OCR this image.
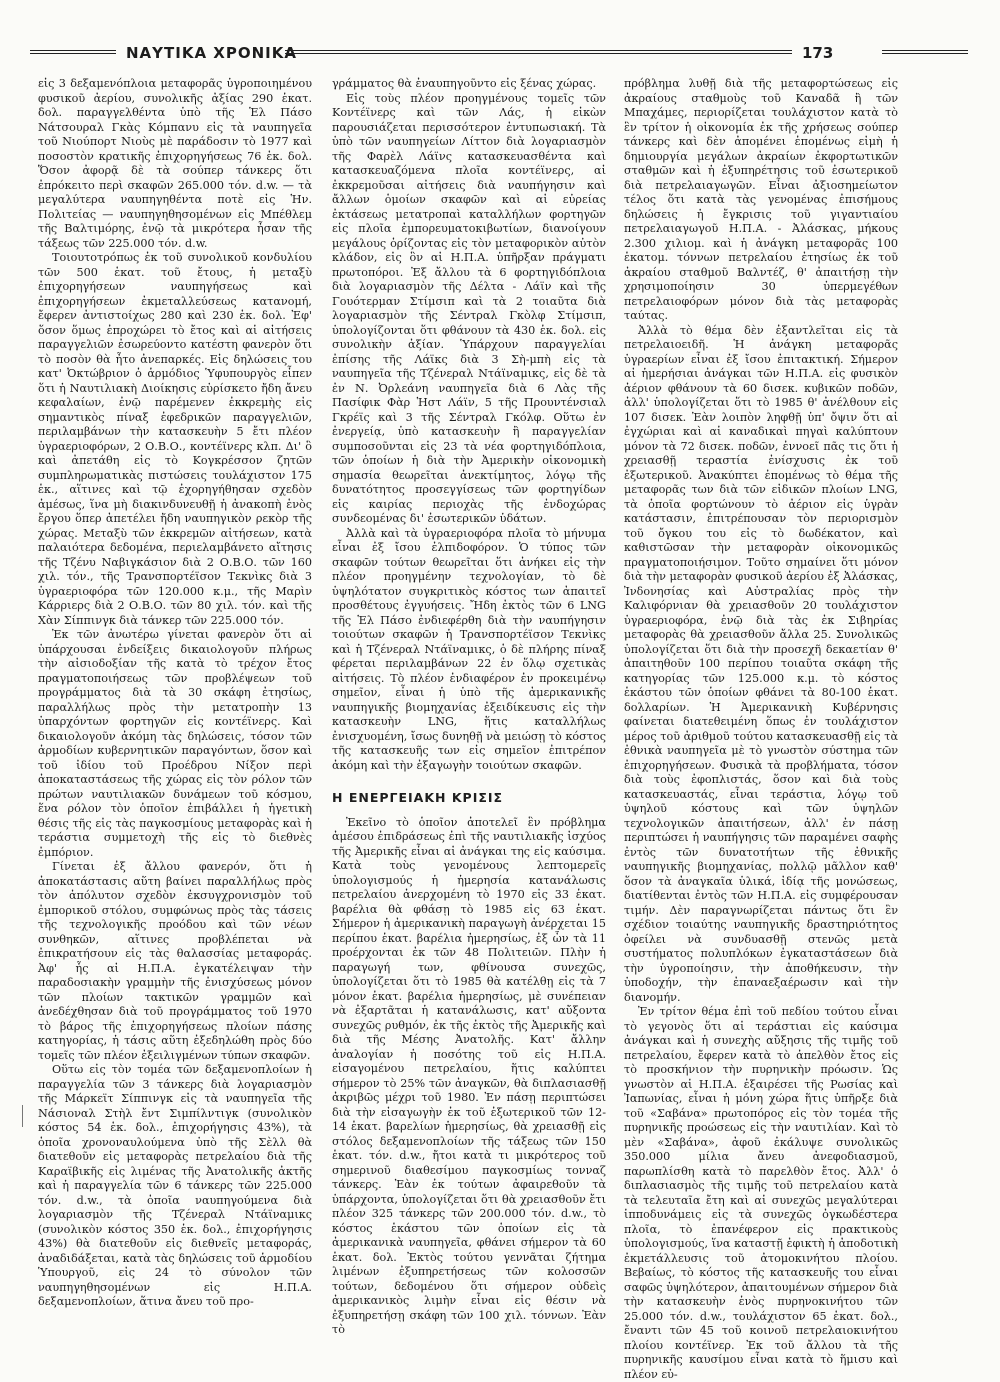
ΝΑΥΤΙΚΑ ΧΡΟΝΙΚΑ	173

εἰς 3 δεξαμενόπλοια μεταφορᾶς ὑγροποιημένου φυσικοῦ ἀερίου, συνολικῆς ἀξίας 290 ἑκατ. δολ. παραγγελθέντα ὑπὸ τῆς Ἑλ Πάσο Νάτσουραλ Γκὰς Κόμπανυ εἰς τὰ ναυπηγεῖα τοῦ Νιούπορτ Νιοὺς μὲ παράδοσιν τὸ 1977 καὶ ποσοστὸν κρατικῆς ἐπιχορηγήσεως 76 ἑκ. δολ. Ὅσον ἀφορᾷ δὲ τὰ σούπερ τάνκερς ὅτι ἐπρόκειτο περὶ σκαφῶν 265.000 τόν. d.w. — τὰ μεγαλύτερα ναυπηγηθέντα ποτὲ εἰς Ἡν. Πολιτείας — ναυπηγηθησομένων εἰς Μπέθλεμ τῆς Βαλτιμόρης, ἐνῷ τὰ μικρότερα ἦσαν τῆς τάξεως τῶν 225.000 τόν. d.w.

Τοιουτοτρόπως ἐκ τοῦ συνολικοῦ κονδυλίου τῶν 500 ἑκατ. τοῦ ἔτους, ἡ μεταξὺ ἐπιχορηγήσεων ναυπηγήσεως καὶ ἐπιχορηγήσεων ἐκμεταλλεύσεως κατανομή, ἔφερεν ἀντιστοίχως 280 καὶ 230 ἑκ. δολ. Ἐφ' ὅσον ὅμως ἐπροχώρει τὸ ἔτος καὶ αἱ αἰτήσεις παραγγελιῶν ἐσωρεύοντο κατέστη φανερὸν ὅτι τὸ ποσὸν θὰ ἦτο ἀνεπαρκές. Εἰς δηλώσεις του κατ' Ὀκτώβριον ὁ ἁρμόδιος Ὑφυπουργὸς εἶπεν ὅτι ἡ Ναυτιλιακὴ Διοίκησις εὑρίσκετο ἤδη ἄνευ κεφαλαίων, ἐνῷ παρέμενεν ἐκκρεμὴς εἰς σημαντικὸς πίναξ ἐφεδρικῶν παραγγελιῶν, περιλαμβάνων τὴν κατασκευὴν 5 ἔτι πλέον ὑγραεριοφόρων, 2 Ο.Β.Ο., κοντέϊνερς κλπ. Δι' ὃ καὶ ἀπετάθη εἰς τὸ Κογκρέσσον ζητῶν συμπληρωματικὰς πιστώσεις τουλάχιστον 175 ἑκ., αἵτινες καὶ τῷ ἐχορηγήθησαν σχεδὸν ἀμέσως, ἵνα μὴ διακινδυνευθῇ ἡ ἀνακοπὴ ἑνὸς ἔργου ὅπερ ἀπετέλει ἤδη ναυπηγικὸν ρεκὸρ τῆς χώρας. Μεταξὺ τῶν ἐκκρεμῶν αἰτήσεων, κατὰ παλαιότερα δεδομένα, περιελαμβάνετο αἴτησις τῆς Τζένυ Ναβιγκάσιον διὰ 2 Ο.Β.Ο. τῶν 160 χιλ. τόν., τῆς Τρανσπορτέϊσον Τεκνὶκς διὰ 3 ὑγραεριοφόρα τῶν 120.000 κ.μ., τῆς Μαρὶν Κάρριερς διὰ 2 Ο.Β.Ο. τῶν 80 χιλ. τόν. καὶ τῆς Χὰν Σίππινγκ διὰ τάνκερ τῶν 225.000 τόν.

Ἐκ τῶν ἀνωτέρω γίνεται φανερὸν ὅτι αἱ ὑπάρχουσαι ἐνδείξεις δικαιολογοῦν πλήρως τὴν αἰσιοδοξίαν τῆς κατὰ τὸ τρέχον ἔτος πραγματοποιήσεως τῶν προβλέψεων τοῦ προγράμματος διὰ τὰ 30 σκάφη ἐτησίως, παραλλήλως πρὸς τὴν μετατροπὴν 13 ὑπαρχόντων φορτηγῶν εἰς κοντέϊνερς. Καὶ δικαιολογοῦν ἀκόμη τὰς δηλώσεις, τόσον τῶν ἁρμοδίων κυβερνητικῶν παραγόντων, ὅσον καὶ τοῦ ἰδίου τοῦ Προέδρου Νίξον περὶ ἀποκαταστάσεως τῆς χώρας εἰς τὸν ρόλον τῶν πρώτων ναυτιλιακῶν δυνάμεων τοῦ κόσμου, ἕνα ρόλον τὸν ὁποῖον ἐπιβάλλει ἡ ἡγετικὴ θέσις τῆς εἰς τὰς παγκοσμίους μεταφορὰς καὶ ἡ τεράστια συμμετοχὴ τῆς εἰς τὸ διεθνὲς ἐμπόριον.

Γίνεται ἐξ ἄλλου φανερόν, ὅτι ἡ ἀποκατάστασις αὕτη βαίνει παραλλήλως πρὸς τὸν ἀπόλυτον σχεδὸν ἐκσυγχρονισμὸν τοῦ ἐμπορικοῦ στόλου, συμφώνως πρὸς τὰς τάσεις τῆς τεχνολογικῆς προόδου καὶ τῶν νέων συνθηκῶν, αἵτινες προβλέπεται νὰ ἐπικρατήσουν εἰς τὰς θαλασσίας μεταφοράς. Ἀφ' ἧς αἱ Η.Π.Α. ἐγκατέλειψαν τὴν παραδοσιακὴν γραμμὴν τῆς ἐνισχύσεως μόνον τῶν πλοίων τακτικῶν γραμμῶν καὶ ἀνεδέχθησαν διὰ τοῦ προγράμματος τοῦ 1970 τὸ βάρος τῆς ἐπιχορηγήσεως πλοίων πάσης κατηγορίας, ἡ τάσις αὕτη ἐξεδηλώθη πρὸς δύο τομεῖς τῶν πλέον ἐξειλιγμένων τύπων σκαφῶν.

Οὕτω εἰς τὸν τομέα τῶν δεξαμενοπλοίων ἡ παραγγελία τῶν 3 τάνκερς διὰ λογαριασμὸν τῆς Μάρκεϊτ Σίππινγκ εἰς τὰ ναυπηγεῖα τῆς Νάσιοναλ Στὴλ ἔντ Σιμπίλντιγκ (συνολικὸν κόστος 54 ἑκ. δολ., ἐπιχορήγησις 43%), τὰ ὁποῖα χρονοναυλούμενα ὑπὸ τῆς Σὲλλ θὰ διατεθοῦν εἰς μεταφορὰς πετρελαίου διὰ τῆς Καραϊβικῆς εἰς λιμένας τῆς Ἀνατολικῆς ἀκτῆς καὶ ἡ παραγγελία τῶν 6 τάνκερς τῶν 225.000 τόν. d.w., τὰ ὁποῖα ναυπηγούμενα διὰ λογαριασμὸν τῆς Τζένεραλ Ντάϊναμικς (συνολικὸν κόστος 350 ἑκ. δολ., ἐπιχορήγησις 43%) θὰ διατεθοῦν εἰς διεθνεῖς μεταφοράς, ἀναδιδάξεται, κατὰ τὰς δηλώσεις τοῦ ἁρμοδίου Ὑπουργοῦ, εἰς 24 τὸ σύνολον τῶν ναυπηγηθησομένων εἰς Η.Π.Α. δεξαμενοπλοίων, ἅτινα ἄνευ τοῦ προ-

γράμματος θὰ ἐναυπηγοῦντο εἰς ξένας χώρας.

Εἰς τοὺς πλέον προηγμένους τομεῖς τῶν Κοντέϊνερς καὶ τῶν Λάς, ἡ εἰκὼν παρουσιάζεται περισσότερον ἐντυπωσιακή. Τὰ ὑπὸ τῶν ναυπηγείων Λίττον διὰ λογαριασμὸν τῆς Φαρὲλ Λάϊνς κατασκευασθέντα καὶ κατασκευαζόμενα πλοῖα κοντέϊνερς, αἱ ἐκκρεμοῦσαι αἰτήσεις διὰ ναυπήγησιν καὶ ἄλλων ὁμοίων σκαφῶν καὶ αἱ εὐρείας ἐκτάσεως μετατροπαὶ καταλλήλων φορτηγῶν εἰς πλοῖα ἐμπορευματοκιβωτίων, διανοίγουν μεγάλους ὁρίζοντας εἰς τὸν μεταφορικὸν αὐτὸν κλάδον, εἰς ὃν αἱ Η.Π.Α. ὑπῆρξαν πράγματι πρωτοπόροι. Ἐξ ἄλλου τὰ 6 φορτηγιδόπλοια διὰ λογαριασμὸν τῆς Δέλτα - Λάϊν καὶ τῆς Γουότερμαν Στίμσιπ καὶ τὰ 2 τοιαῦτα διὰ λογαριασμὸν τῆς Σέντραλ Γκὸλφ Στίμσιπ, ὑπολογίζονται ὅτι φθάνουν τὰ 430 ἑκ. δολ. εἰς συνολικὴν ἀξίαν. Ὑπάρχουν παραγγελίαι ἐπίσης τῆς Λάϊκς διὰ 3 Σὴ-μπὴ εἰς τὰ ναυπηγεῖα τῆς Τζένεραλ Ντάϊναμικς, εἰς δὲ τὰ ἐν Ν. Ὀρλεάνη ναυπηγεῖα διὰ 6 Λὰς τῆς Πασίφικ Φὰρ Ἡστ Λάϊν, 5 τῆς Προυντένσιαλ Γκρέϊς καὶ 3 τῆς Σέντραλ Γκόλφ. Οὕτω ἐν ἐνεργείᾳ, ὑπὸ κατασκευὴν ἢ παραγγελίαν συμποσοῦνται εἰς 23 τὰ νέα φορτηγιδόπλοια, τῶν ὁποίων ἡ διὰ τὴν Ἀμερικὴν οἰκονομικὴ σημασία θεωρεῖται ἀνεκτίμητος, λόγῳ τῆς δυνατότητος προσεγγίσεως τῶν φορτηγίδων εἰς καιρίας περιοχὰς τῆς ἐνδοχώρας συνδεομένας δι' ἐσωτερικῶν ὑδάτων.

Ἀλλὰ καὶ τὰ ὑγραεριοφόρα πλοῖα τὸ μήνυμα εἶναι ἐξ ἴσου ἐλπιδοφόρον. Ὁ τύπος τῶν σκαφῶν τούτων θεωρεῖται ὅτι ἀνήκει εἰς τὴν πλέον προηγμένην τεχνολογίαν, τὸ δὲ ὑψηλότατον συγκριτικὸς κόστος των ἀπαιτεῖ προσθέτους ἐγγυήσεις. Ἤδη ἐκτὸς τῶν 6 LNG τῆς Ἑλ Πάσο ἐνδιεφέρθη διὰ τὴν ναυπήγησιν τοιούτων σκαφῶν ἡ Τρανσπορτέϊσον Τεκνὶκς καὶ ἡ Τζένεραλ Ντάϊναμικς, ὁ δὲ πλήρης πίναξ φέρεται περιλαμβάνων 22 ἐν ὅλῳ σχετικὰς αἰτήσεις. Τὸ πλέον ἐνδιαφέρον ἐν προκειμένῳ σημεῖον, εἶναι ἡ ὑπὸ τῆς ἀμερικανικῆς ναυπηγικῆς βιομηχανίας ἐξειδίκευσις εἰς τὴν κατασκευὴν LNG, ἥτις καταλλήλως ἐνισχυομένη, ἴσως δυνηθῇ νὰ μειώσῃ τὸ κόστος τῆς κατασκευῆς των εἰς σημεῖον ἐπιτρέπον ἀκόμη καὶ τὴν ἐξαγωγὴν τοιούτων σκαφῶν.

Η ΕΝΕΡΓΕΙΑΚΗ ΚΡΙΣΙΣ

Ἐκεῖνο τὸ ὁποῖον ἀποτελεῖ ἓν πρόβλημα ἀμέσου ἐπιδράσεως ἐπὶ τῆς ναυτιλιακῆς ἰσχύος τῆς Ἀμερικῆς εἶναι αἱ ἀνάγκαι της εἰς καύσιμα. Κατὰ τοὺς γενομένους λεπτομερεῖς ὑπολογισμούς ἡ ἡμερησία κατανάλωσις πετρελαίου ἀνερχομένη τὸ 1970 εἰς 33 ἑκατ. βαρέλια θὰ φθάσῃ τὸ 1985 εἰς 63 ἑκατ. Σήμερον ἡ ἀμερικανικὴ παραγωγὴ ἀνέρχεται 15 περίπου ἑκατ. βαρέλια ἡμερησίως, ἐξ ὧν τὰ 11 προέρχονται ἐκ τῶν 48 Πολιτειῶν. Πλὴν ἡ παραγωγή των, φθίνουσα συνεχῶς, ὑπολογίζεται ὅτι τὸ 1985 θὰ κατέλθῃ εἰς τὰ 7 μόνον ἑκατ. βαρέλια ἡμερησίως, μὲ συνέπειαν νὰ ἐξαρτᾶται ἡ κατανάλωσις, κατ' αὔξοντα συνεχῶς ρυθμόν, ἐκ τῆς ἐκτὸς τῆς Ἀμερικῆς καὶ διὰ τῆς Μέσης Ἀνατολῆς. Κατ' ἄλλην ἀναλογίαν ἡ ποσότης τοῦ εἰς Η.Π.Α. εἰσαγομένου πετρελαίου, ἥτις καλύπτει σήμερον τὸ 25% τῶν ἀναγκῶν, θὰ διπλασιασθῇ ἀκριβῶς μέχρι τοῦ 1980. Ἐν πάσῃ περιπτώσει διὰ τὴν εἰσαγωγὴν ἐκ τοῦ ἐξωτερικοῦ τῶν 12-14 ἑκατ. βαρελίων ἡμερησίως, θὰ χρειασθῇ εἰς στόλος δεξαμενοπλοίων τῆς τάξεως τῶν 150 ἑκατ. τόν. d.w., ἤτοι κατὰ τι μικρότερος τοῦ σημερινοῦ διαθεσίμου παγκοσμίως τονναζ τάνκερς. Ἐὰν ἐκ τούτων ἀφαιρεθοῦν τὰ ὑπάρχοντα, ὑπολογίζεται ὅτι θὰ χρειασθοῦν ἔτι πλέον 325 τάνκερς τῶν 200.000 τόν. d.w., τὸ κόστος ἑκάστου τῶν ὁποίων εἰς τὰ ἀμερικανικὰ ναυπηγεῖα, φθάνει σήμερον τὰ 60 ἑκατ. δολ. Ἐκτὸς τούτου γεννᾶται ζήτημα λιμένων ἐξυπηρετήσεως τῶν κολοσσῶν τούτων, δεδομένου ὅτι σήμερον οὐδεὶς ἀμερικανικὸς λιμὴν εἶναι εἰς θέσιν νὰ ἐξυπηρετήσῃ σκάφη τῶν 100 χιλ. τόννων. Ἐὰν τὸ

πρόβλημα λυθῇ διὰ τῆς μεταφορτώσεως εἰς ἀκραίους σταθμοὺς τοῦ Καναδᾶ ἢ τῶν Μπαχάμες, περιορίζεται τουλάχιστον κατὰ τὸ ἓν τρίτον ἡ οἰκονομία ἐκ τῆς χρήσεως σούπερ τάνκερς καὶ δὲν ἀπομένει ἐπομένως εἰμὴ ἡ δημιουργία μεγάλων ἀκραίων ἐκφορτωτικῶν σταθμῶν καὶ ἡ ἐξυπηρέτησις τοῦ ἐσωτερικοῦ διὰ πετρελαιαγωγῶν. Εἶναι ἀξιοσημείωτον τέλος ὅτι κατὰ τὰς γενομένας ἐπισήμους δηλώσεις ἡ ἔγκρισις τοῦ γιγαντιαίου πετρελαιαγωγοῦ Η.Π.Α. - Ἀλάσκας, μήκους 2.300 χιλιομ. καὶ ἡ ἀνάγκη μεταφορᾶς 100 ἑκατομ. τόννων πετρελαίου ἐτησίως ἐκ τοῦ ἀκραίου σταθμοῦ Βαλντέζ, θ' ἀπαιτήσῃ τὴν χρησιμοποίησιν 30 ὑπερμεγέθων πετρελαιοφόρων μόνον διὰ τὰς μεταφορὰς ταύτας.

Ἀλλὰ τὸ θέμα δὲν ἐξαντλεῖται εἰς τὰ πετρελαιοειδῆ. Ἡ ἀνάγκη μεταφορᾶς ὑγραερίων εἶναι ἐξ ἴσου ἐπιτακτική. Σήμερον αἱ ἡμερήσιαι ἀνάγκαι τῶν Η.Π.Α. εἰς φυσικὸν ἀέριον φθάνουν τὰ 60 δισεκ. κυβικῶν ποδῶν, ἀλλ' ὑπολογίζεται ὅτι τὸ 1985 θ' ἀνέλθουν εἰς 107 δισεκ. Ἐὰν λοιπὸν ληφθῇ ὑπ' ὄψιν ὅτι αἱ ἐγχώριαι καὶ αἱ καναδικαὶ πηγαὶ καλύπτουν μόνον τὰ 72 δισεκ. ποδῶν, ἐννοεῖ πᾶς τις ὅτι ἡ χρειασθῇ τεραστία ἐνίσχυσις ἐκ τοῦ ἐξωτερικοῦ. Ἀνακύπτει ἐπομένως τὸ θέμα τῆς μεταφορᾶς των διὰ τῶν εἰδικῶν πλοίων LNG, τὰ ὁποῖα φορτώνουν τὸ ἀέριον εἰς ὑγρὰν κατάστασιν, ἐπιτρέπουσαν τὸν περιορισμὸν τοῦ ὄγκου του εἰς τὸ δωδέκατον, καὶ καθιστῶσαν τὴν μεταφορὰν οἰκονομικῶς πραγματοποιήσιμον. Τοῦτο σημαίνει ὅτι μόνον διὰ τὴν μεταφορὰν φυσικοῦ ἀερίου ἐξ Ἀλάσκας, Ἰνδονησίας καὶ Αὐστραλίας πρὸς τὴν Καλιφόρνιαν θὰ χρειασθοῦν 20 τουλάχιστον ὑγραεριοφόρα, ἐνῷ διὰ τὰς ἐκ Σιβηρίας μεταφορὰς θὰ χρειασθοῦν ἄλλα 25. Συνολικῶς ὑπολογίζεται ὅτι διὰ τὴν προσεχῆ δεκαετίαν θ' ἀπαιτηθοῦν 100 περίπου τοιαῦτα σκάφη τῆς κατηγορίας τῶν 125.000 κ.μ. τὸ κόστος ἑκάστου τῶν ὁποίων φθάνει τὰ 80-100 ἑκατ. δολλαρίων. Ἡ Ἀμερικανικὴ Κυβέρνησις φαίνεται διατεθειμένη ὅπως ἐν τουλάχιστον μέρος τοῦ ἀριθμοῦ τούτου κατασκευασθῇ εἰς τὰ ἐθνικὰ ναυπηγεῖα μὲ τὸ γνωστὸν σύστημα τῶν ἐπιχορηγήσεων. Φυσικὰ τὰ προβλήματα, τόσον διὰ τοὺς ἐφοπλιστάς, ὅσον καὶ διὰ τοὺς κατασκευαστάς, εἶναι τεράστια, λόγῳ τοῦ ὑψηλοῦ κόστους καὶ τῶν ὑψηλῶν τεχνολογικῶν ἀπαιτήσεων, ἀλλ' ἐν πάσῃ περιπτώσει ἡ ναυπήγησις τῶν παραμένει σαφὴς ἐντὸς τῶν δυνατοτήτων τῆς ἐθνικῆς ναυπηγικῆς βιομηχανίας, πολλῷ μᾶλλον καθ' ὅσον τὰ ἀναγκαῖα ὑλικά, ἰδίᾳ τῆς μονώσεως, διατίθενται ἐντὸς τῶν Η.Π.Α. εἰς συμφέρουσαν τιμήν. Δὲν παραγνωρίζεται πάντως ὅτι ἓν σχέδιον τοιαύτης ναυπηγικῆς δραστηριότητος ὀφείλει νὰ συνδυασθῇ στενῶς μετὰ συστήματος πολυπλόκων ἐγκαταστάσεων διὰ τὴν ὑγροποίησιν, τὴν ἀποθήκευσιν, τὴν ὑποδοχήν, τὴν ἐπαναεξαέρωσιν καὶ τὴν διανομήν.

Ἐν τρίτον θέμα ἐπὶ τοῦ πεδίου τούτου εἶναι τὸ γεγονὸς ὅτι αἱ τεράστιαι εἰς καύσιμα ἀνάγκαι καὶ ἡ συνεχὴς αὔξησις τῆς τιμῆς τοῦ πετρελαίου, ἔφερεν κατὰ τὸ ἀπελθὸν ἔτος εἰς τὸ προσκήνιον τὴν πυρηνικὴν πρόωσιν. Ὡς γνωστὸν αἱ Η.Π.Α. ἐξαιρέσει τῆς Ρωσίας καὶ Ἰαπωνίας, εἶναι ἡ μόνη χώρα ἥτις ὑπῆρξε διὰ τοῦ «Σαβάνα» πρωτοπόρος εἰς τὸν τομέα τῆς πυρηνικῆς προώσεως εἰς τὴν ναυτιλίαν. Καὶ τὸ μὲν «Σαβάνα», ἀφοῦ ἐκάλυψε συνολικῶς 350.000 μίλια ἄνευ ἀνεφοδιασμοῦ, παρωπλίσθη κατὰ τὸ παρελθὸν ἔτος. Ἀλλ' ὁ διπλασιασμὸς τῆς τιμῆς τοῦ πετρελαίου κατὰ τὰ τελευταῖα ἔτη καὶ αἱ συνεχῶς μεγαλύτεραι ἱπποδυνάμεις εἰς τὰ συνεχῶς ὀγκωδέστερα πλοῖα, τὸ ἐπανέφερον εἰς πρακτικοὺς ὑπολογισμούς, ἵνα καταστῇ ἐφικτὴ ἡ ἀποδοτικὴ ἐκμετάλλευσις τοῦ ἀτομοκινήτου πλοίου. Βεβαίως, τὸ κόστος τῆς κατασκευῆς του εἶναι σαφῶς ὑψηλότερον, ἀπαιτουμένων σήμερον διὰ τὴν κατασκευὴν ἑνὸς πυρηνοκινήτου τῶν 25.000 τόν. d.w., τουλάχιστον 65 ἑκατ. δολ., ἔναντι τῶν 45 τοῦ κοινοῦ πετρελαιοκινήτου πλοίου κοντέϊνερ. Ἐκ τοῦ ἄλλου τὰ τῆς πυρηνικῆς καυσίμου εἶναι κατὰ τὸ ἥμισυ καὶ πλέον εὐ-
